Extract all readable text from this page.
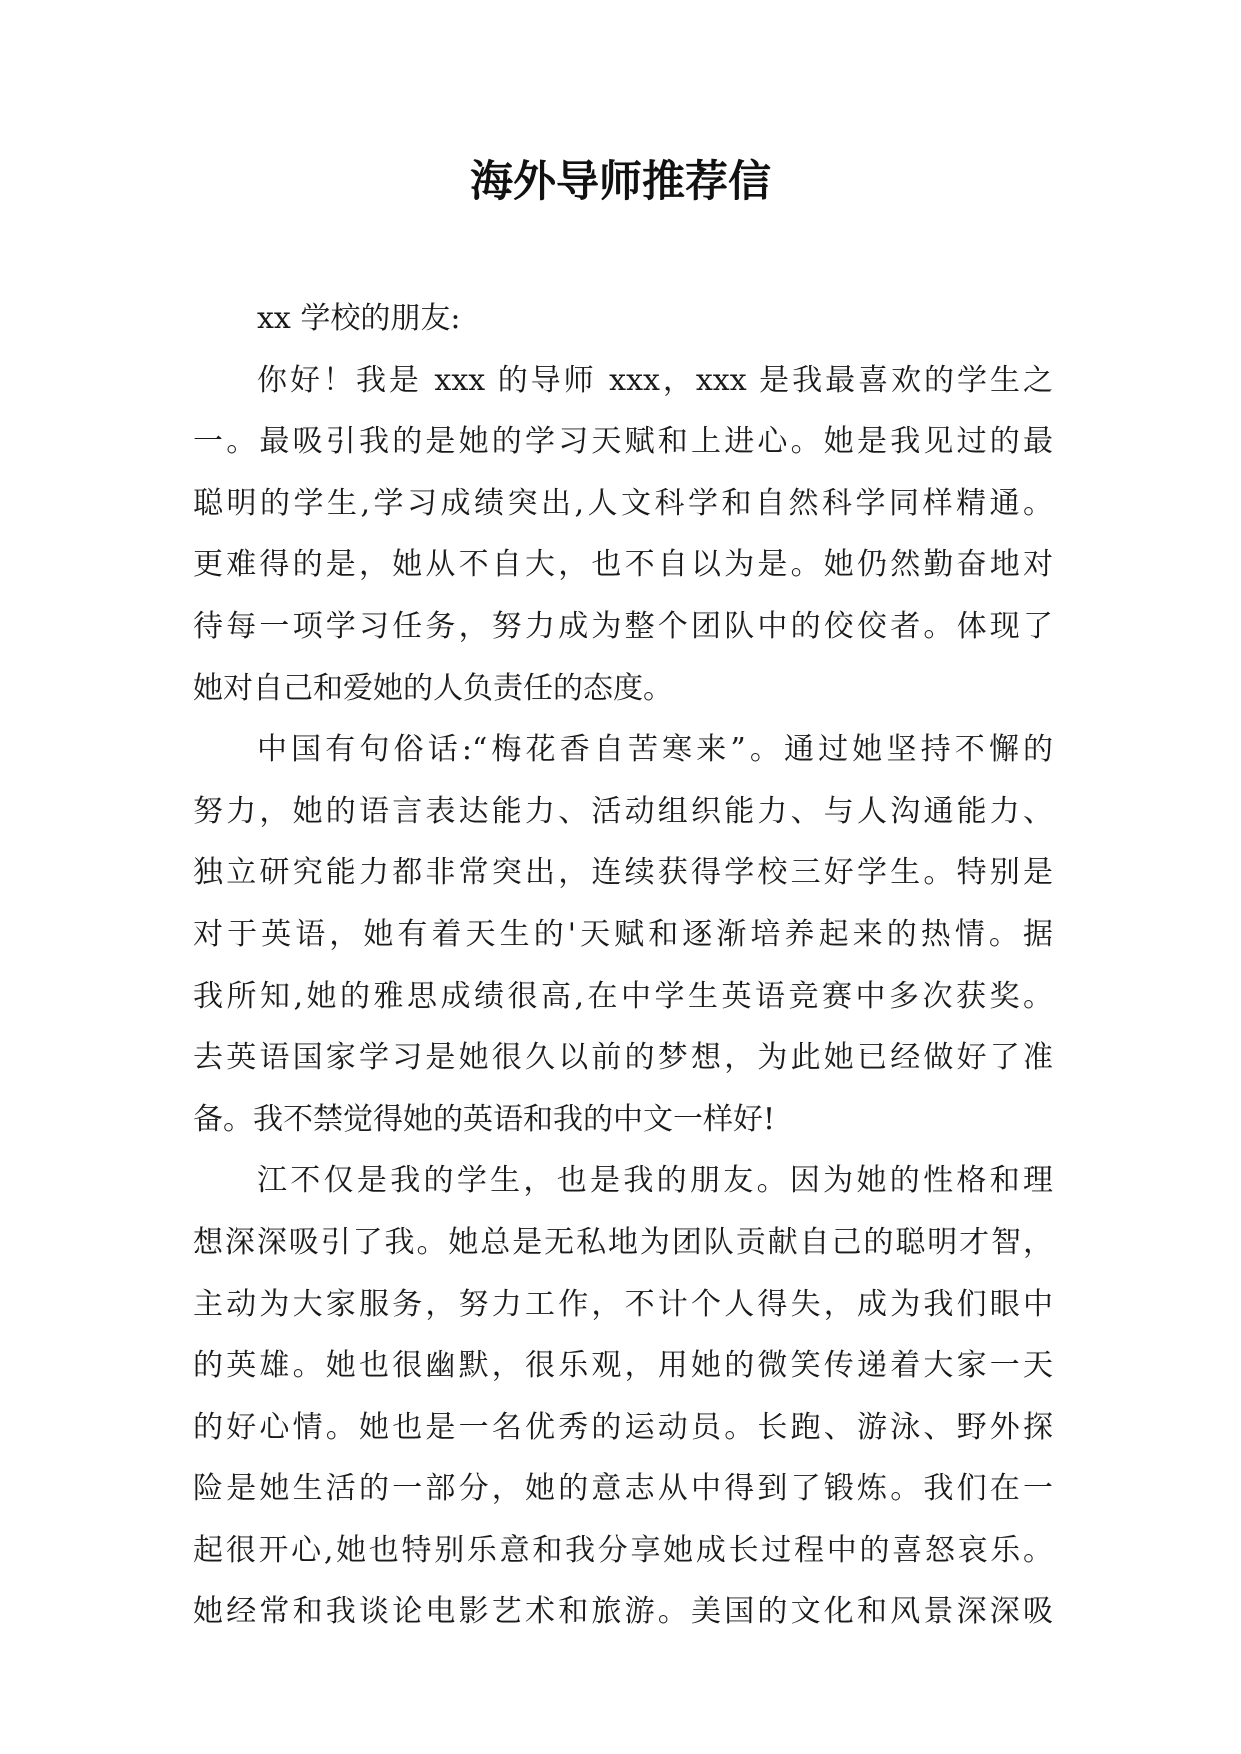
海外导师推荐信
xx 学校的朋友:
你好！我是 xxx 的导师 xxx，xxx 是我最喜欢的学生之
一。最吸引我的是她的学习天赋和上进心。她是我见过的最
聪明的学生,学习成绩突出,人文科学和自然科学同样精通。
更难得的是，她从不自大，也不自以为是。她仍然勤奋地对
待每一项学习任务，努力成为整个团队中的佼佼者。体现了
她对自己和爱她的人负责任的态度。
中国有句俗话:“梅花香自苦寒来”。通过她坚持不懈的
努力，她的语言表达能力、活动组织能力、与人沟通能力、
独立研究能力都非常突出，连续获得学校三好学生。特别是
对于英语，她有着天生的'天赋和逐渐培养起来的热情。据
我所知,她的雅思成绩很高,在中学生英语竞赛中多次获奖。
去英语国家学习是她很久以前的梦想，为此她已经做好了准
备。我不禁觉得她的英语和我的中文一样好!
江不仅是我的学生，也是我的朋友。因为她的性格和理
想深深吸引了我。她总是无私地为团队贡献自己的聪明才智，
主动为大家服务，努力工作，不计个人得失，成为我们眼中
的英雄。她也很幽默，很乐观，用她的微笑传递着大家一天
的好心情。她也是一名优秀的运动员。长跑、游泳、野外探
险是她生活的一部分，她的意志从中得到了锻炼。我们在一
起很开心,她也特别乐意和我分享她成长过程中的喜怒哀乐。
她经常和我谈论电影艺术和旅游。美国的文化和风景深深吸
